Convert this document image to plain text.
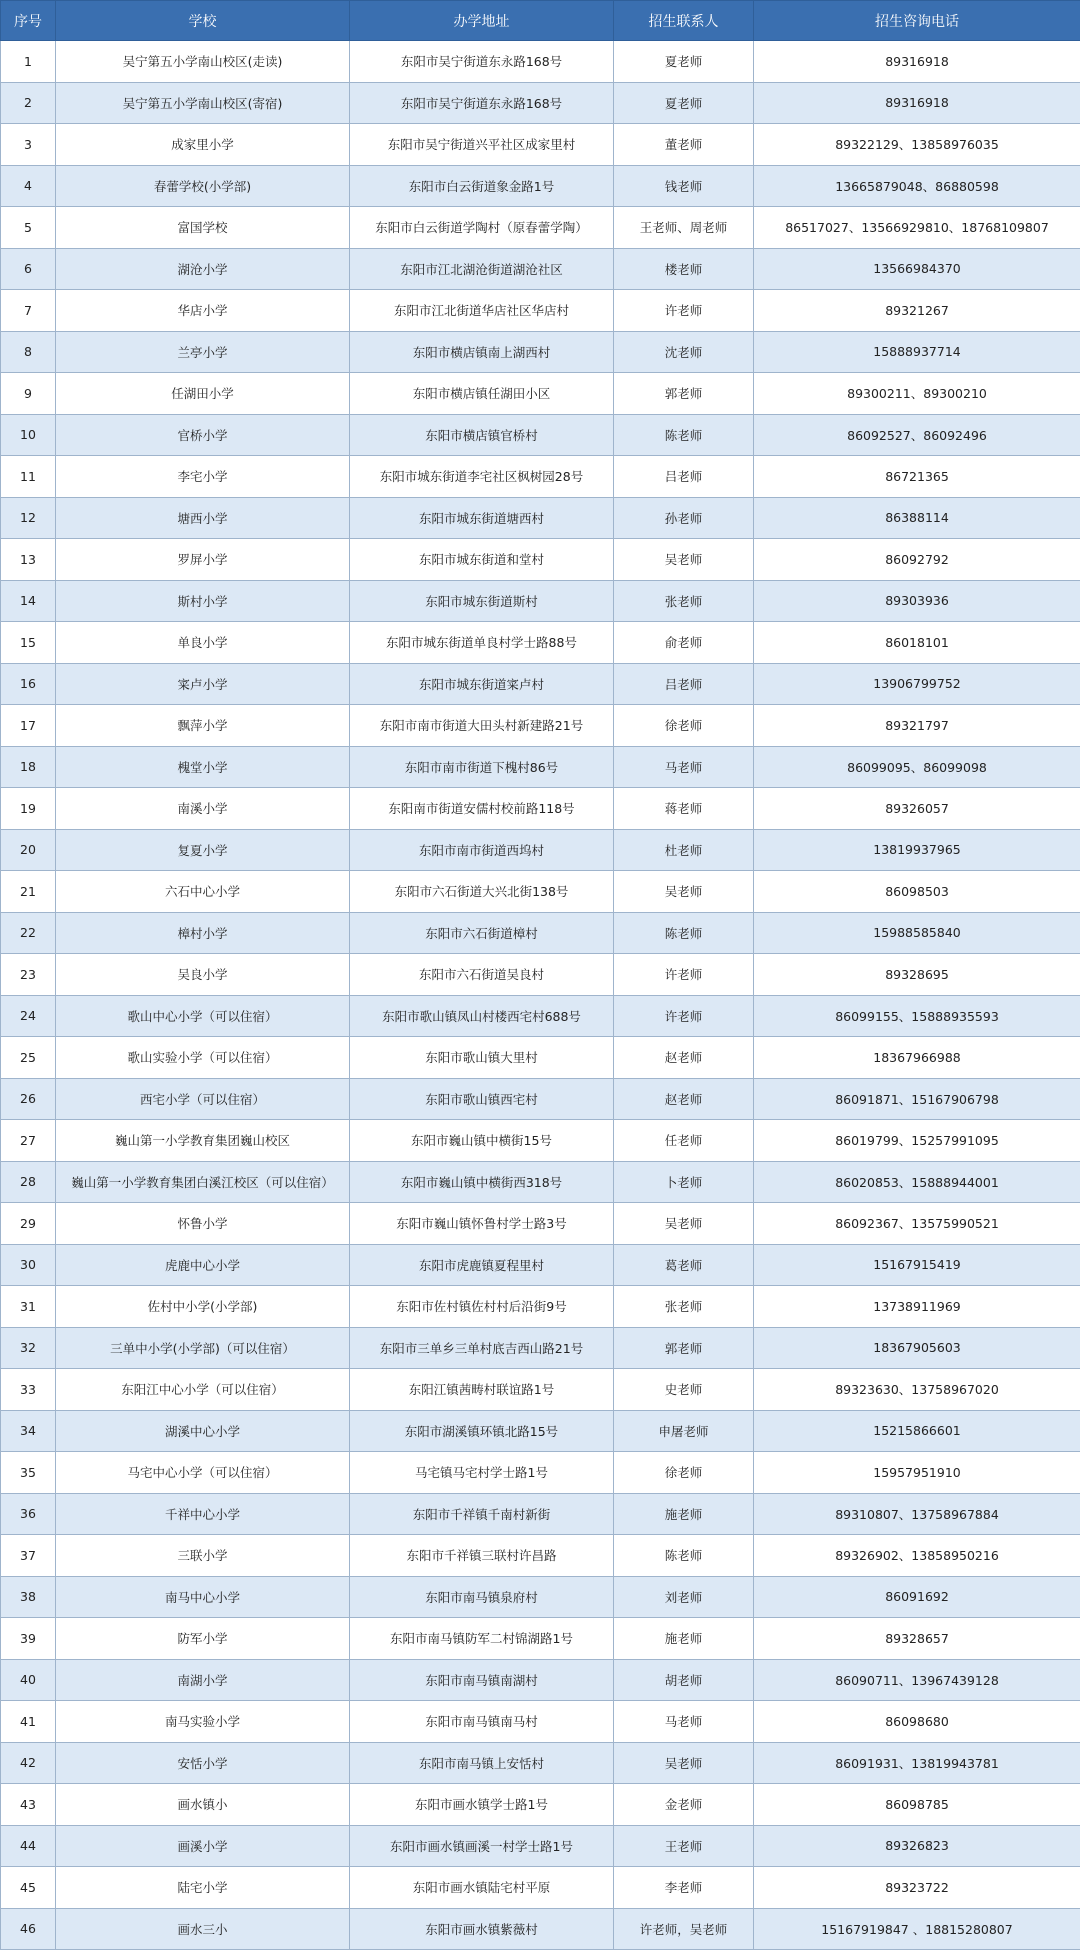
序号	学校	办学地址	招生联系人	招生咨询电话
1	吴宁第五小学南山校区(走读)	东阳市吴宁街道东永路168号	夏老师	89316918
2	吴宁第五小学南山校区(寄宿)	东阳市吴宁街道东永路168号	夏老师	89316918
3	成家里小学	东阳市吴宁街道兴平社区成家里村	董老师	89322129、13858976035
4	春蕾学校(小学部)	东阳市白云街道象金路1号	钱老师	13665879048、86880598
5	富国学校	东阳市白云街道学陶村（原春蕾学陶）	王老师、周老师	86517027、13566929810、18768109807
6	湖沧小学	东阳市江北湖沧街道湖沧社区	楼老师	13566984370
7	华店小学	东阳市江北街道华店社区华店村	许老师	89321267
8	兰亭小学	东阳市横店镇南上湖西村	沈老师	15888937714
9	任湖田小学	东阳市横店镇任湖田小区	郭老师	89300211、89300210
10	官桥小学	东阳市横店镇官桥村	陈老师	86092527、86092496
11	李宅小学	东阳市城东街道李宅社区枫树园28号	吕老师	86721365
12	塘西小学	东阳市城东街道塘西村	孙老师	86388114
13	罗屏小学	东阳市城东街道和堂村	吴老师	86092792
14	斯村小学	东阳市城东街道斯村	张老师	89303936
15	单良小学	东阳市城东街道单良村学士路88号	俞老师	86018101
16	寀卢小学	东阳市城东街道寀卢村	吕老师	13906799752
17	飘萍小学	东阳市南市街道大田头村新建路21号	徐老师	89321797
18	槐堂小学	东阳市南市街道下槐村86号	马老师	86099095、86099098
19	南溪小学	东阳南市街道安儒村校前路118号	蒋老师	89326057
20	复夏小学	东阳市南市街道西坞村	杜老师	13819937965
21	六石中心小学	东阳市六石街道大兴北街138号	吴老师	86098503
22	樟村小学	东阳市六石街道樟村	陈老师	15988585840
23	吴良小学	东阳市六石街道吴良村	许老师	89328695
24	歌山中心小学（可以住宿）	东阳市歌山镇凤山村楼西宅村688号	许老师	86099155、15888935593
25	歌山实验小学（可以住宿）	东阳市歌山镇大里村	赵老师	18367966988
26	西宅小学（可以住宿）	东阳市歌山镇西宅村	赵老师	86091871、15167906798
27	巍山第一小学教育集团巍山校区	东阳市巍山镇中横街15号	任老师	86019799、15257991095
28	巍山第一小学教育集团白溪江校区（可以住宿）	东阳市巍山镇中横街西318号	卜老师	86020853、15888944001
29	怀鲁小学	东阳市巍山镇怀鲁村学士路3号	吴老师	86092367、13575990521
30	虎鹿中心小学	东阳市虎鹿镇夏程里村	葛老师	15167915419
31	佐村中小学(小学部)	东阳市佐村镇佐村村后沿街9号	张老师	13738911969
32	三单中小学(小学部)（可以住宿）	东阳市三单乡三单村底吉西山路21号	郭老师	18367905603
33	东阳江中心小学（可以住宿）	东阳江镇茜畴村联谊路1号	史老师	89323630、13758967020
34	湖溪中心小学	东阳市湖溪镇环镇北路15号	申屠老师	15215866601
35	马宅中心小学（可以住宿）	马宅镇马宅村学士路1号	徐老师	15957951910
36	千祥中心小学	东阳市千祥镇千南村新街	施老师	89310807、13758967884
37	三联小学	东阳市千祥镇三联村许昌路	陈老师	89326902、13858950216
38	南马中心小学	东阳市南马镇泉府村	刘老师	86091692
39	防军小学	东阳市南马镇防军二村锦湖路1号	施老师	89328657
40	南湖小学	东阳市南马镇南湖村	胡老师	86090711、13967439128
41	南马实验小学	东阳市南马镇南马村	马老师	86098680
42	安恬小学	东阳市南马镇上安恬村	吴老师	86091931、13819943781
43	画水镇小	东阳市画水镇学士路1号	金老师	86098785
44	画溪小学	东阳市画水镇画溪一村学士路1号	王老师	89326823
45	陆宅小学	东阳市画水镇陆宅村平原	李老师	89323722
46	画水三小	东阳市画水镇紫薇村	许老师，吴老师	15167919847 、18815280807
